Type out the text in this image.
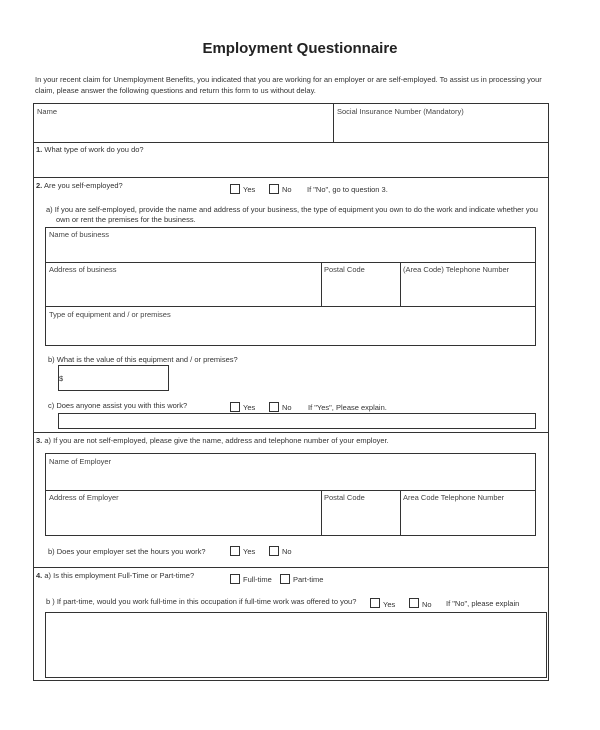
Employment Questionnaire
In your recent claim for Unemployment Benefits, you indicated that you are working for an employer or are self-employed. To assist us in processing your
claim, please answer the following questions and return this form to us without delay.
Name	Social Insurance Number (Mandatory)
1. What type of work do you do?
2. Are you self-employed?	Yes	No If "No", go to question 3.
a) If you are self-employed, provide the name and address of your business, the type of equipment you own to do the work and indicate whether you
own or rent the premises for the business.
Name of business
Address of business	Postal Code	(Area Code) Telephone Number
Type of equipment and / or premises
b) What is the value of this equipment and / or premises?
$
c) Does anyone assist you with this work?	Yes	No If "Yes", Please explain.
3. a) If you are not self-employed, please give the name, address and telephone number of your employer.
Name of Employer
Address of Employer	Postal Code	Area Code Telephone Number
b) Does your employer set the hours you work?	Yes	No
4. a) Is this employment Full-Time or Part-time?	Full-time	Part-time
b ) If part-time, would you work full-time in this occupation if full-time work was offered to you?	Yes	No If "No", please explain
